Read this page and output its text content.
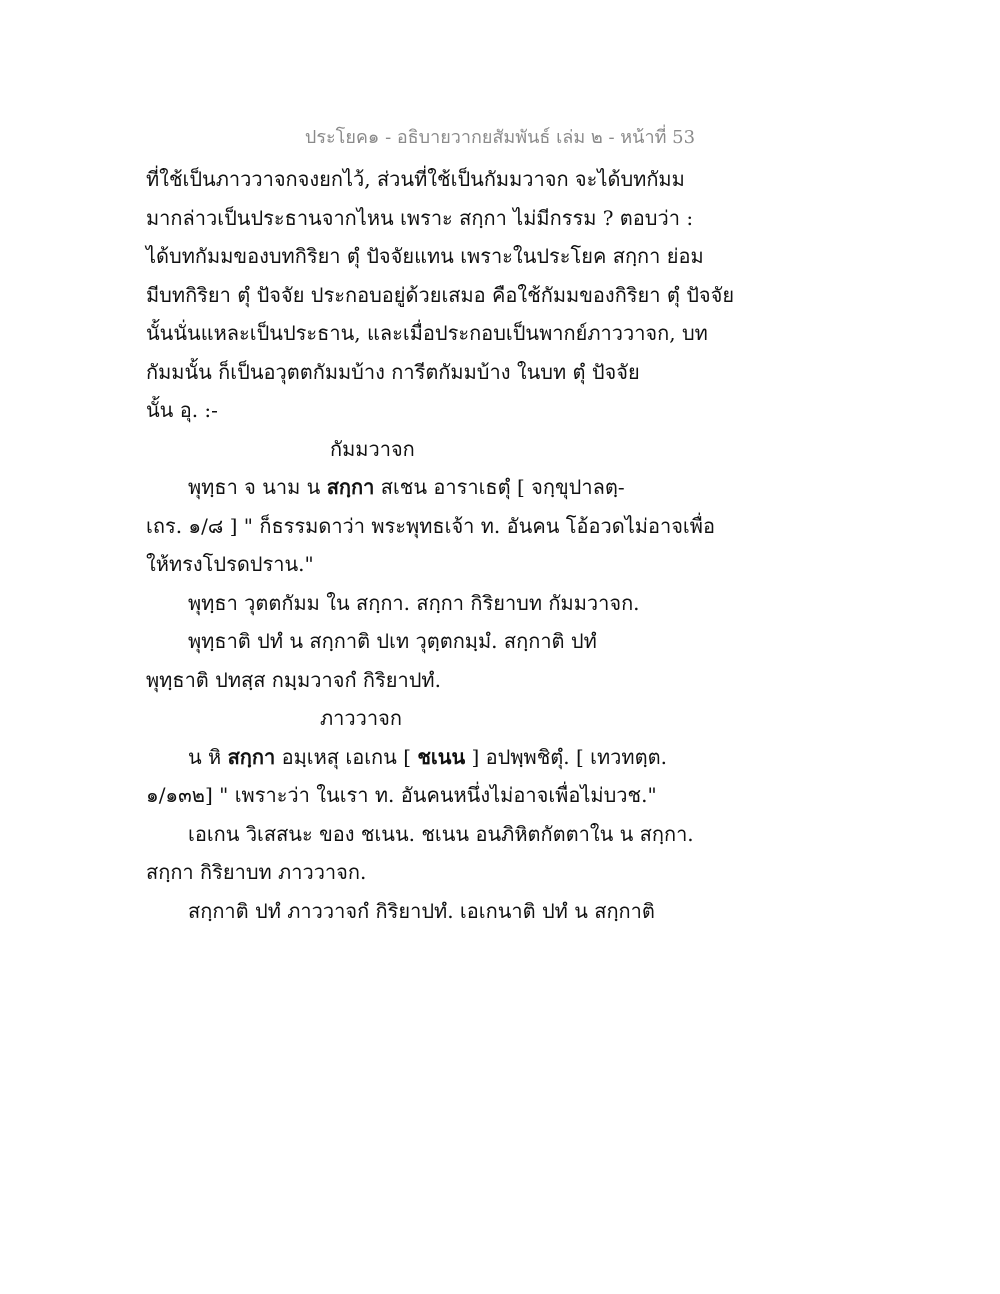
ประโยค๑ - อธิบายวากยสัมพันธ์ เล่ม ๒ - หน้าที่ 53
ที่ใช้เป็นภาววาจกจงยกไว้, ส่วนที่ใช้เป็นกัมมวาจก จะได้บทกัมม
มากล่าวเป็นประธานจากไหน เพราะ สกฺกา ไม่มีกรรม ? ตอบว่า :
ได้บทกัมมของบทกิริยา ตุํ ปัจจัยแทน เพราะในประโยค สกฺกา ย่อม
มีบทกิริยา ตุํ ปัจจัย ประกอบอยู่ด้วยเสมอ คือใช้กัมมของกิริยา ตุํ ปัจจัย
นั้นนั่นแหละเป็นประธาน, และเมื่อประกอบเป็นพากย์ภาววาจก, บท
กัมมนั้น ก็เป็นอวุตตกัมมบ้าง การีตกัมมบ้าง ในบท ตุํ ปัจจัย
นั้น อุ. :-
กัมมวาจก
พุทฺธา จ นาม น สกฺกา สเชน อาราเธตุํ [ จกฺขุปาลตฺ-
เถร. ๑/๘ ] " ก็ธรรมดาว่า พระพุทธเจ้า ท. อันคน โอ้อวดไม่อาจเพื่อ
ให้ทรงโปรดปราน."
พุทฺธา วุตตกัมม ใน สกฺกา. สกฺกา กิริยาบท กัมมวาจก.
พุทฺธาติ ปทํ น สกฺกาติ ปเท วุตฺตกมฺมํ. สกฺกาติ ปทํ
พุทฺธาติ ปทสฺส กมฺมวาจกํ กิริยาปทํ.
ภาววาจก
น หิ สกฺกา อมฺเหสุ เอเกน [ ชเนน ] อปพฺพชิตุํ. [ เทวทตฺต.
๑/๑๓๒] " เพราะว่า ในเรา ท. อันคนหนึ่งไม่อาจเพื่อไม่บวช."
เอเกน วิเสสนะ ของ ชเนน. ชเนน อนภิหิตกัตตาใน น สกฺกา.
สกฺกา กิริยาบท ภาววาจก.
สกฺกาติ ปทํ ภาววาจกํ กิริยาปทํ. เอเกนาติ ปทํ น สกฺกาติ
